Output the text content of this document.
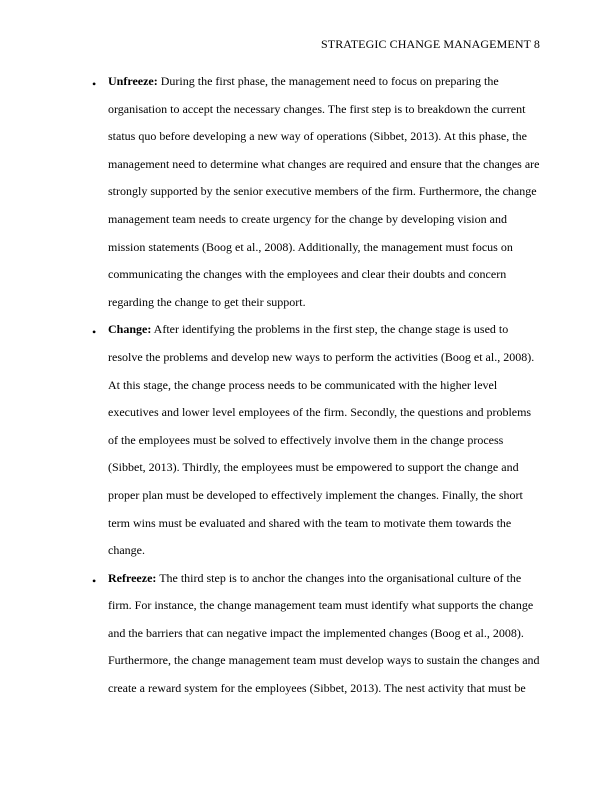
STRATEGIC CHANGE MANAGEMENT 8
• Unfreeze: During the first phase, the management need to focus on preparing the
organisation to accept the necessary changes. The first step is to breakdown the current
status quo before developing a new way of operations (Sibbet, 2013). At this phase, the
management need to determine what changes are required and ensure that the changes are
strongly supported by the senior executive members of the firm. Furthermore, the change
management team needs to create urgency for the change by developing vision and
mission statements (Boog et al., 2008). Additionally, the management must focus on
communicating the changes with the employees and clear their doubts and concern
regarding the change to get their support.

• Change: After identifying the problems in the first step, the change stage is used to
resolve the problems and develop new ways to perform the activities (Boog et al., 2008).
At this stage, the change process needs to be communicated with the higher level
executives and lower level employees of the firm. Secondly, the questions and problems
of the employees must be solved to effectively involve them in the change process
(Sibbet, 2013). Thirdly, the employees must be empowered to support the change and
proper plan must be developed to effectively implement the changes. Finally, the short
term wins must be evaluated and shared with the team to motivate them towards the
change.

• Refreeze: The third step is to anchor the changes into the organisational culture of the
firm. For instance, the change management team must identify what supports the change
and the barriers that can negative impact the implemented changes (Boog et al., 2008).
Furthermore, the change management team must develop ways to sustain the changes and
create a reward system for the employees (Sibbet, 2013). The nest activity that must be
